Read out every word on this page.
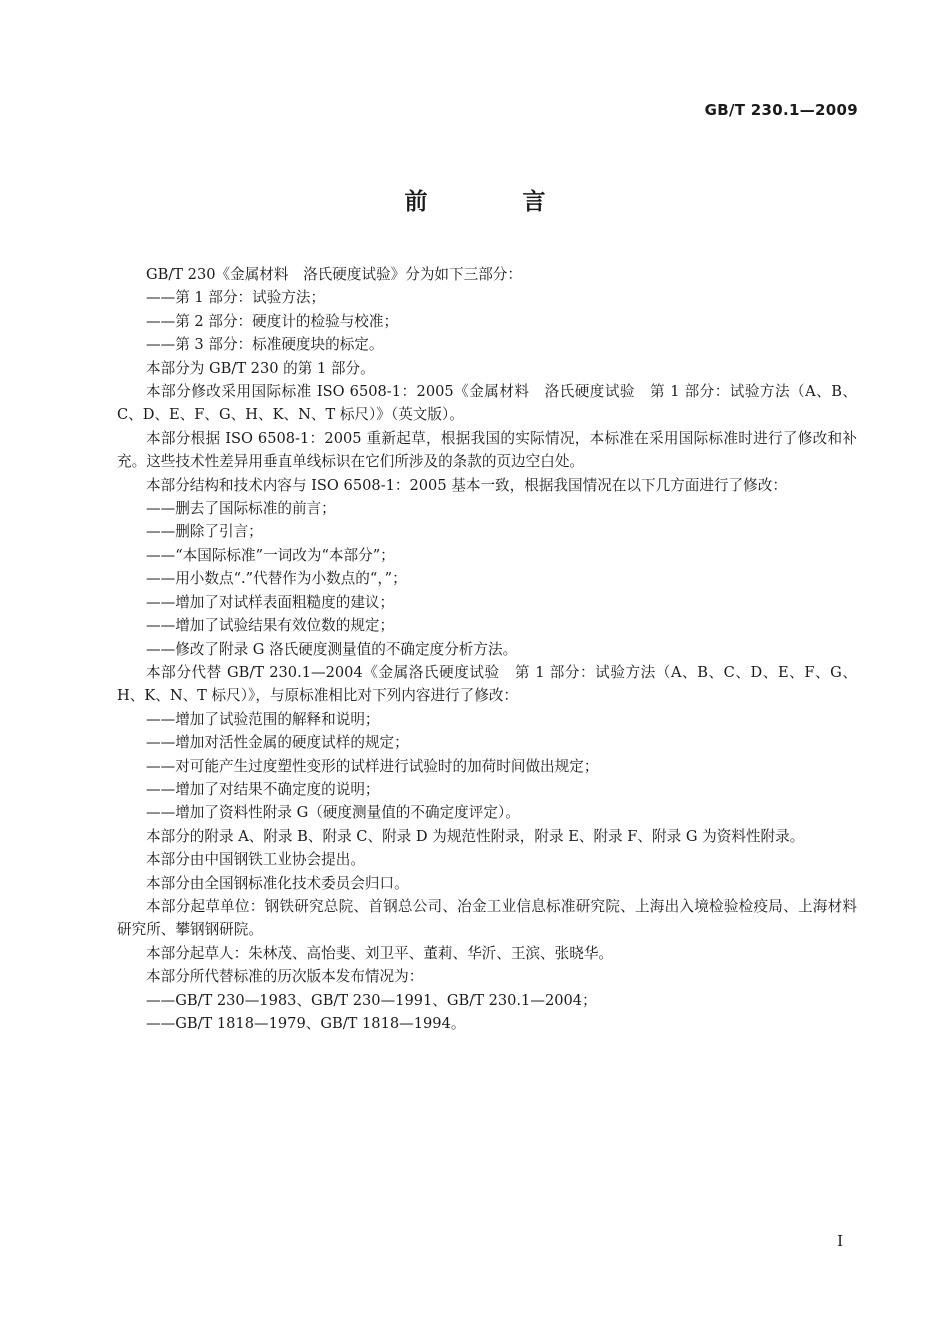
GB/T 230.1—2009
前　言

GB/T 230《金属材料　洛氏硬度试验》分为如下三部分：

——第 1 部分：试验方法；

——第 2 部分：硬度计的检验与校准；

——第 3 部分：标准硬度块的标定。

本部分为 GB/T 230 的第 1 部分。

本部分修改采用国际标准 ISO 6508-1：2005《金属材料　洛氏硬度试验　第 1 部分：试验方法（A、B、C、D、E、F、G、H、K、N、T 标尺）》（英文版）。

本部分根据 ISO 6508-1：2005 重新起草，根据我国的实际情况，本标准在采用国际标准时进行了修改和补充。这些技术性差异用垂直单线标识在它们所涉及的条款的页边空白处。

本部分结构和技术内容与 ISO 6508-1：2005 基本一致，根据我国情况在以下几方面进行了修改：

——删去了国际标准的前言；

——删除了引言；

——“本国际标准”一词改为“本部分”；

——用小数点“.”代替作为小数点的“，”；

——增加了对试样表面粗糙度的建议；

——增加了试验结果有效位数的规定；

——修改了附录 G 洛氏硬度测量值的不确定度分析方法。

本部分代替 GB/T 230.1—2004《金属洛氏硬度试验　第 1 部分：试验方法（A、B、C、D、E、F、G、H、K、N、T 标尺）》，与原标准相比对下列内容进行了修改：

——增加了试验范围的解释和说明；

——增加对活性金属的硬度试样的规定；

——对可能产生过度塑性变形的试样进行试验时的加荷时间做出规定；

——增加了对结果不确定度的说明；

——增加了资料性附录 G（硬度测量值的不确定度评定）。

本部分的附录 A、附录 B、附录 C、附录 D 为规范性附录，附录 E、附录 F、附录 G 为资料性附录。

本部分由中国钢铁工业协会提出。

本部分由全国钢标准化技术委员会归口。

本部分起草单位：钢铁研究总院、首钢总公司、冶金工业信息标准研究院、上海出入境检验检疫局、上海材料研究所、攀钢钢研院。

本部分起草人：朱林茂、高怡斐、刘卫平、董莉、华沂、王滨、张晓华。

本部分所代替标准的历次版本发布情况为：

——GB/T 230—1983、GB/T 230—1991、GB/T 230.1—2004；

——GB/T 1818—1979、GB/T 1818—1994。

I
